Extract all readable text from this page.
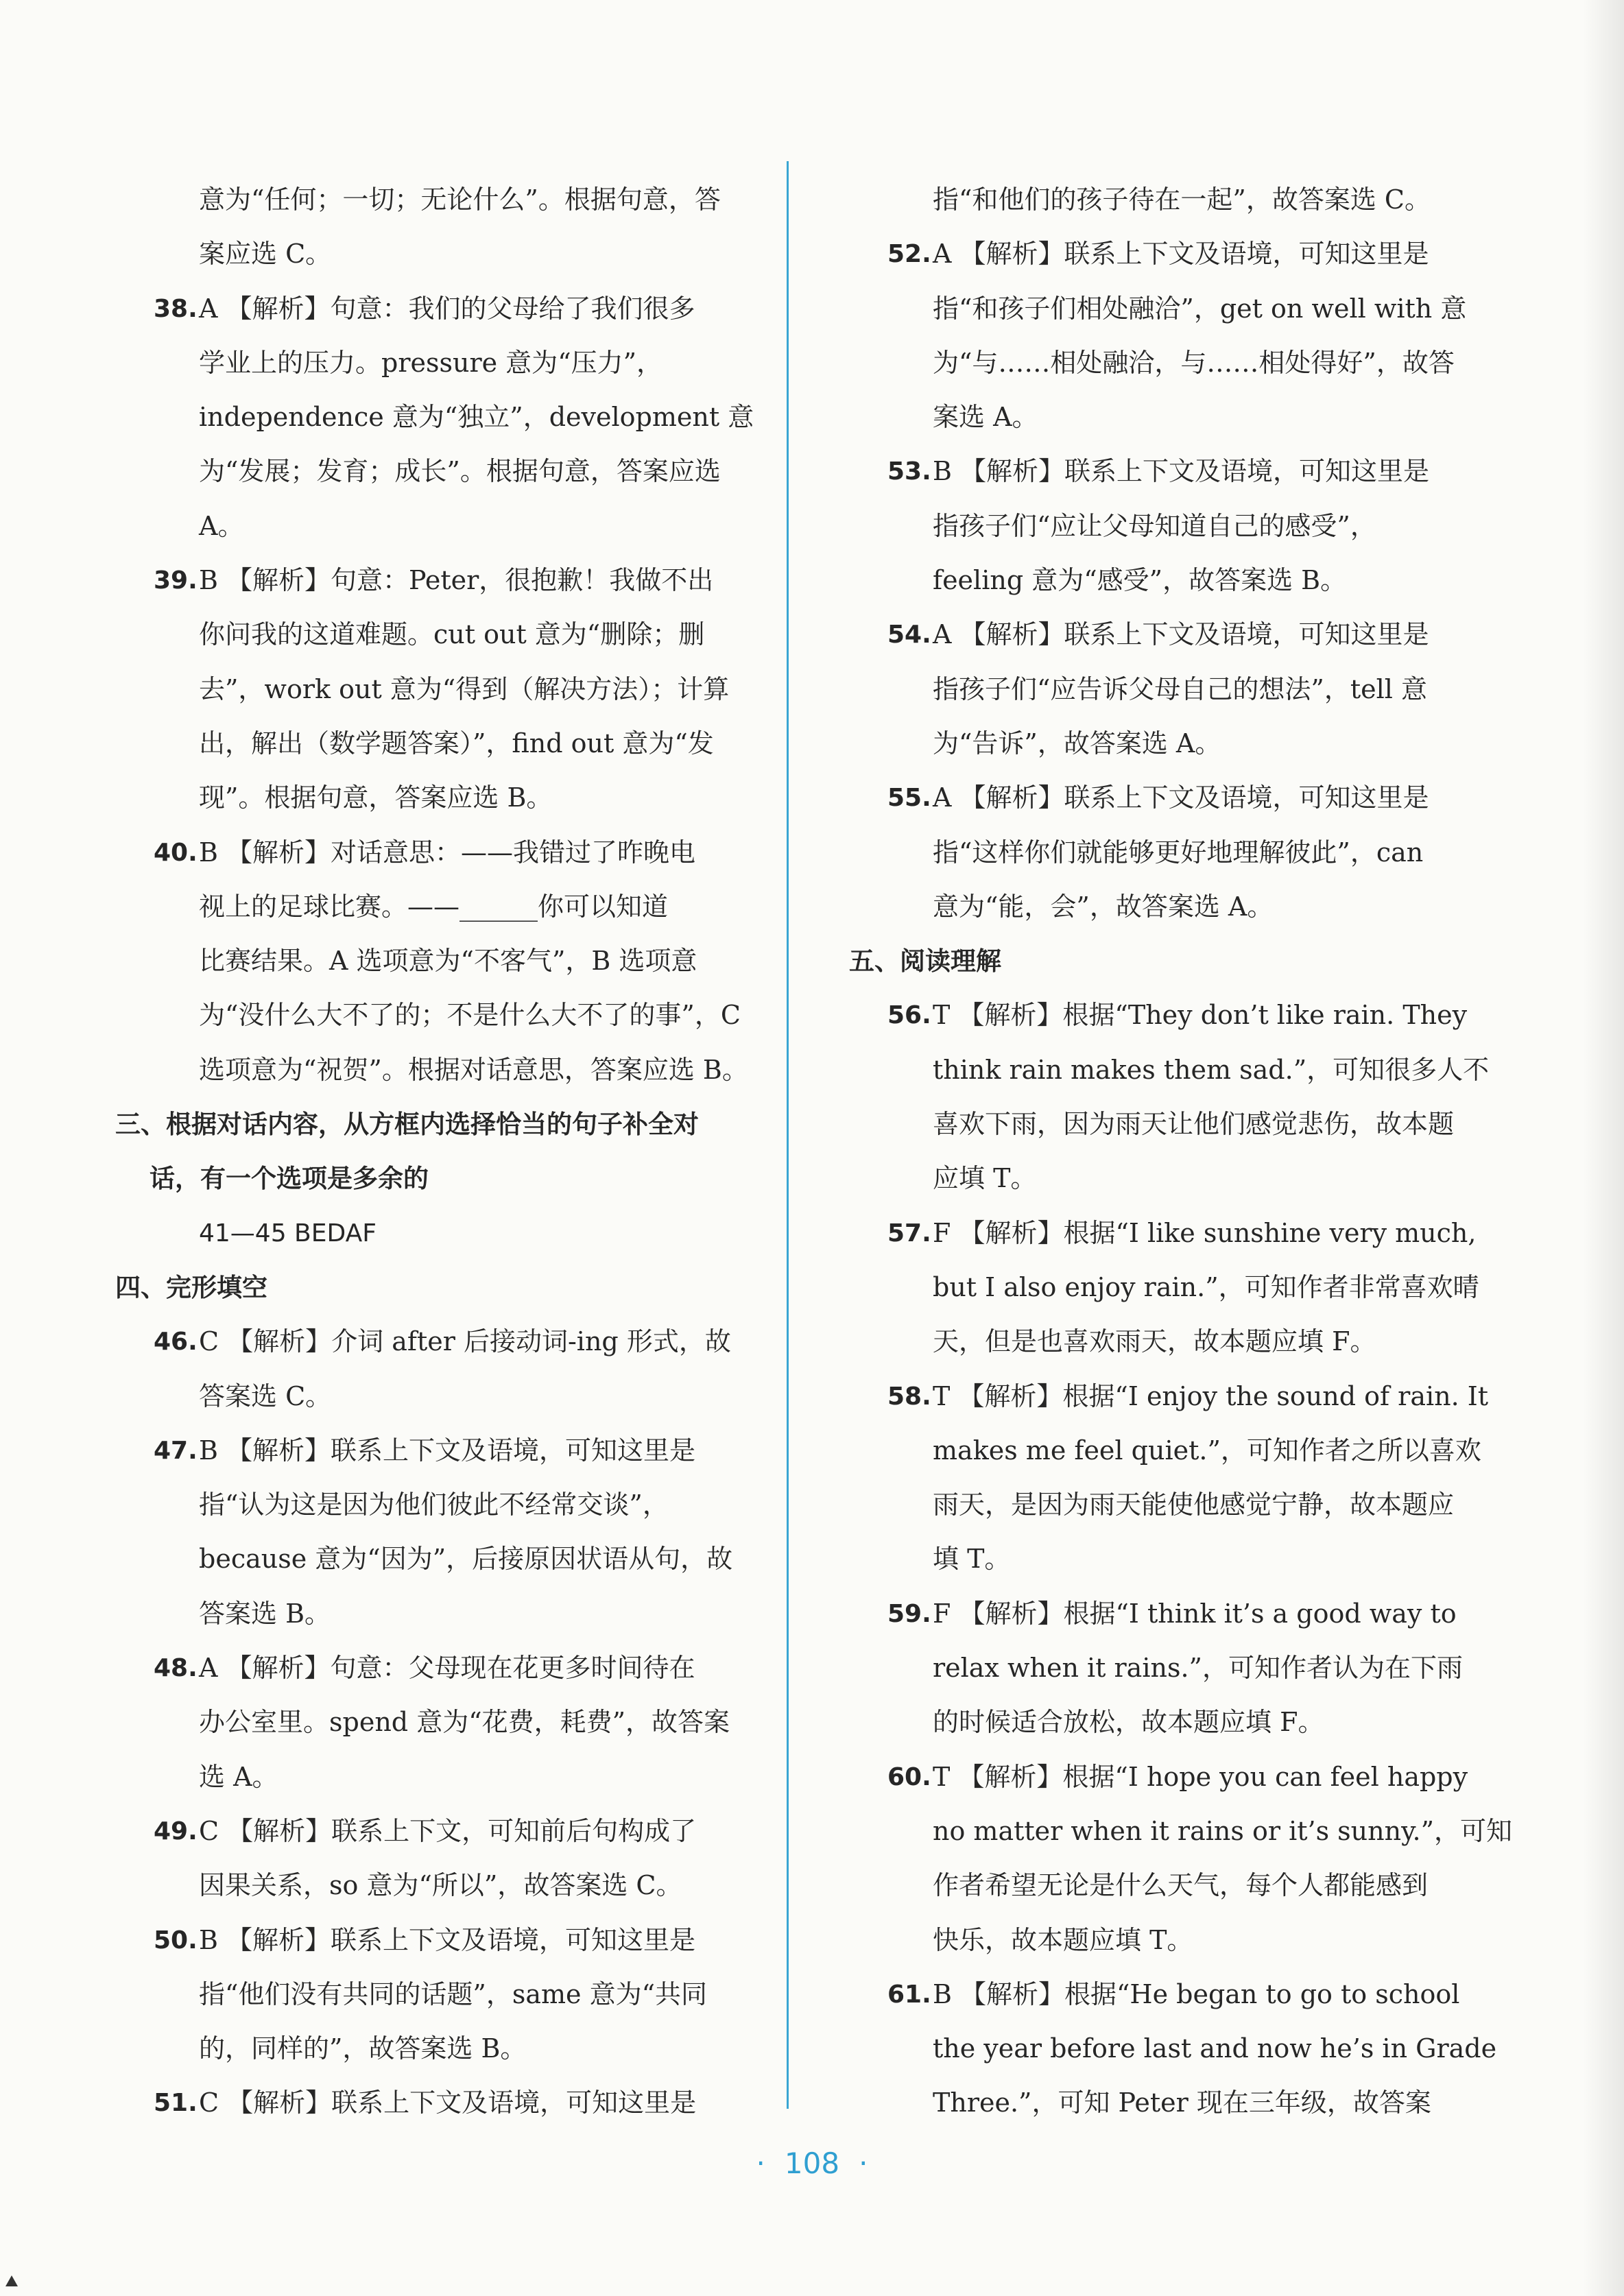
意为“任何；一切；无论什么”。根据句意，答
案应选 C。
38. A 【解析】句意：我们的父母给了我们很多
学业上的压力。pressure 意为“压力”，
independence 意为“独立”，development 意
为“发展；发育；成长”。根据句意，答案应选
A。
39. B 【解析】句意：Peter，很抱歉！我做不出
你问我的这道难题。cut out 意为“删除；删
去”，work out 意为“得到（解决方法）；计算
出，解出（数学题答案）”，find out 意为“发
现”。根据句意，答案应选 B。
40. B 【解析】对话意思：——我错过了昨晚电
视上的足球比赛。——______你可以知道
比赛结果。A 选项意为“不客气”，B 选项意
为“没什么大不了的；不是什么大不了的事”，C
选项意为“祝贺”。根据对话意思，答案应选 B。
三、根据对话内容，从方框内选择恰当的句子补全对
话，有一个选项是多余的
41—45 BEDAF
四、完形填空
46. C 【解析】介词 after 后接动词-ing 形式，故
答案选 C。
47. B 【解析】联系上下文及语境，可知这里是
指“认为这是因为他们彼此不经常交谈”，
because 意为“因为”，后接原因状语从句，故
答案选 B。
48. A 【解析】句意：父母现在花更多时间待在
办公室里。spend 意为“花费，耗费”，故答案
选 A。
49. C 【解析】联系上下文，可知前后句构成了
因果关系，so 意为“所以”，故答案选 C。
50. B 【解析】联系上下文及语境，可知这里是
指“他们没有共同的话题”，same 意为“共同
的，同样的”，故答案选 B。
51. C 【解析】联系上下文及语境，可知这里是
指“和他们的孩子待在一起”，故答案选 C。
52. A 【解析】联系上下文及语境，可知这里是
指“和孩子们相处融洽”，get on well with 意
为“与……相处融洽，与……相处得好”，故答
案选 A。
53. B 【解析】联系上下文及语境，可知这里是
指孩子们“应让父母知道自己的感受”，
feeling 意为“感受”，故答案选 B。
54. A 【解析】联系上下文及语境，可知这里是
指孩子们“应告诉父母自己的想法”，tell 意
为“告诉”，故答案选 A。
55. A 【解析】联系上下文及语境，可知这里是
指“这样你们就能够更好地理解彼此”，can
意为“能，会”，故答案选 A。
五、阅读理解
56. T 【解析】根据“They don’t like rain. They
think rain makes them sad.”，可知很多人不
喜欢下雨，因为雨天让他们感觉悲伤，故本题
应填 T。
57. F 【解析】根据“I like sunshine very much,
but I also enjoy rain.”，可知作者非常喜欢晴
天，但是也喜欢雨天，故本题应填 F。
58. T 【解析】根据“I enjoy the sound of rain. It
makes me feel quiet.”，可知作者之所以喜欢
雨天，是因为雨天能使他感觉宁静，故本题应
填 T。
59. F 【解析】根据“I think it’s a good way to
relax when it rains.”，可知作者认为在下雨
的时候适合放松，故本题应填 F。
60. T 【解析】根据“I hope you can feel happy
no matter when it rains or it’s sunny.”，可知
作者希望无论是什么天气，每个人都能感到
快乐，故本题应填 T。
61. B 【解析】根据“He began to go to school
the year before last and now he’s in Grade
Three.”，可知 Peter 现在三年级，故答案
· 108 ·
